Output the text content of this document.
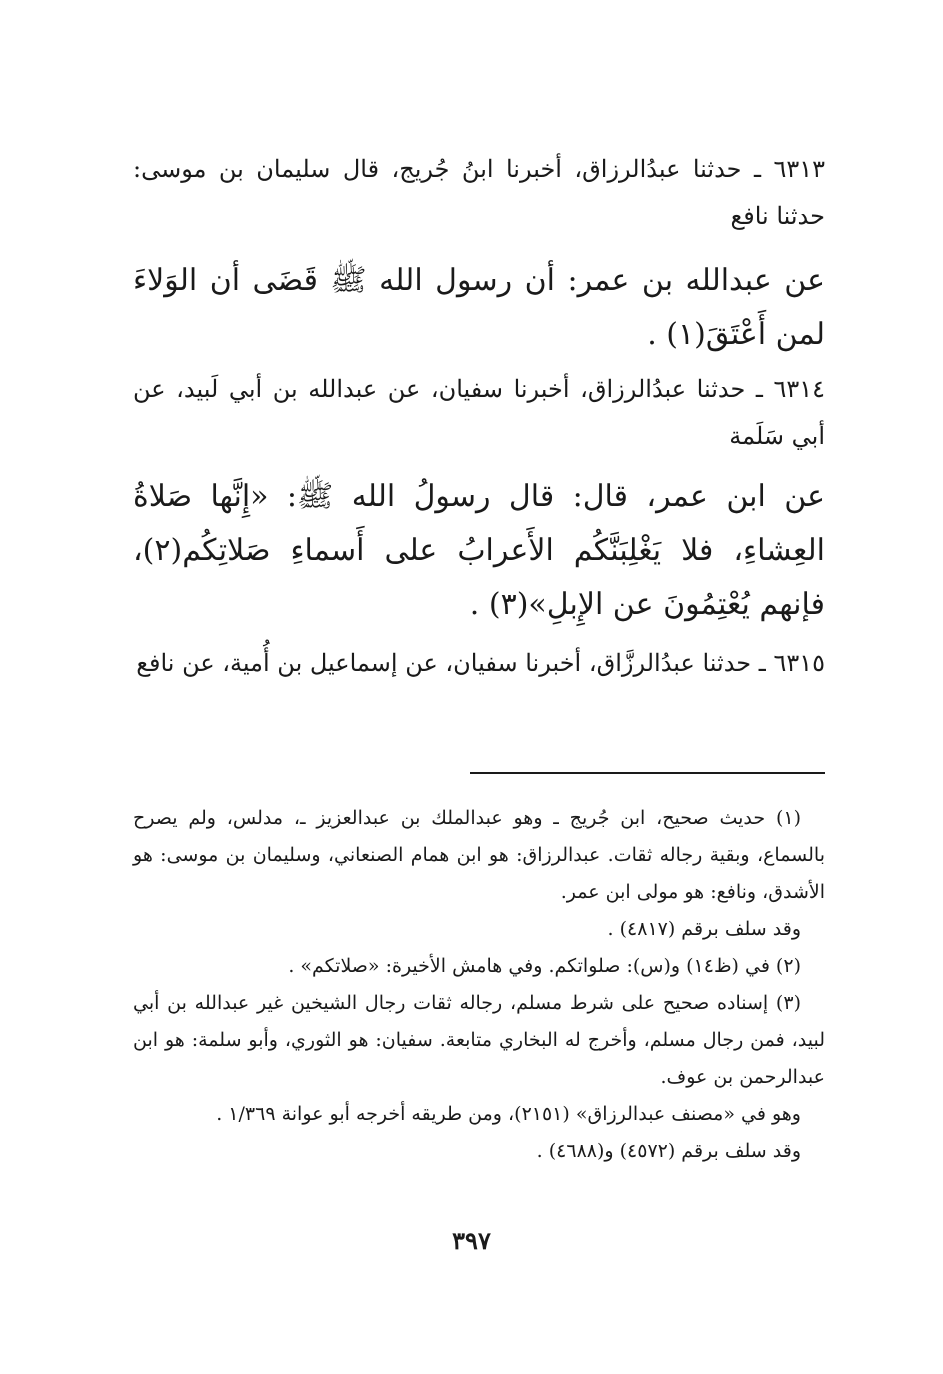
٦٣١٣ ـ حدثنا عبدُالرزاق، أخبرنا ابنُ جُريج، قال سليمان بن موسى: حدثنا نافع

عن عبدالله بن عمر: أن رسول الله ﷺ قَضَى أن الوَلاءَ لمن أَعْتَقَ(١) .

٦٣١٤ ـ حدثنا عبدُالرزاق، أخبرنا سفيان، عن عبدالله بن أبي لَبيد، عن أبي سَلَمة

عن ابن عمر، قال: قال رسولُ الله ﷺ: «إِنَّها صَلاةُ العِشاءِ، فلا يَغْلِبَنَّكُم الأَعرابُ على أَسماءِ صَلاتِكُم(٢)، فإنهم يُعْتِمُونَ عن الإِبلِ»(٣) .

٦٣١٥ ـ حدثنا عبدُالرزَّاق، أخبرنا سفيان، عن إسماعيل بن أُمية، عن نافع

(١) حديث صحيح، ابن جُريج ـ وهو عبدالملك بن عبدالعزيز ـ، مدلس، ولم يصرح بالسماع، وبقية رجاله ثقات. عبدالرزاق: هو ابن همام الصنعاني، وسليمان بن موسى: هو الأشدق، ونافع: هو مولى ابن عمر.

وقد سلف برقم (٤٨١٧) .

(٢) في (ظ١٤) و(س): صلواتكم. وفي هامش الأخيرة: «صلاتكم» .

(٣) إسناده صحيح على شرط مسلم، رجاله ثقات رجال الشيخين غير عبدالله بن أبي لبيد، فمن رجال مسلم، وأخرج له البخاري متابعة. سفيان: هو الثوري، وأبو سلمة: هو ابن عبدالرحمن بن عوف.

وهو في «مصنف عبدالرزاق» (٢١٥١)، ومن طريقه أخرجه أبو عوانة ١/٣٦٩ .

وقد سلف برقم (٤٥٧٢) و(٤٦٨٨) .

٣٩٧
